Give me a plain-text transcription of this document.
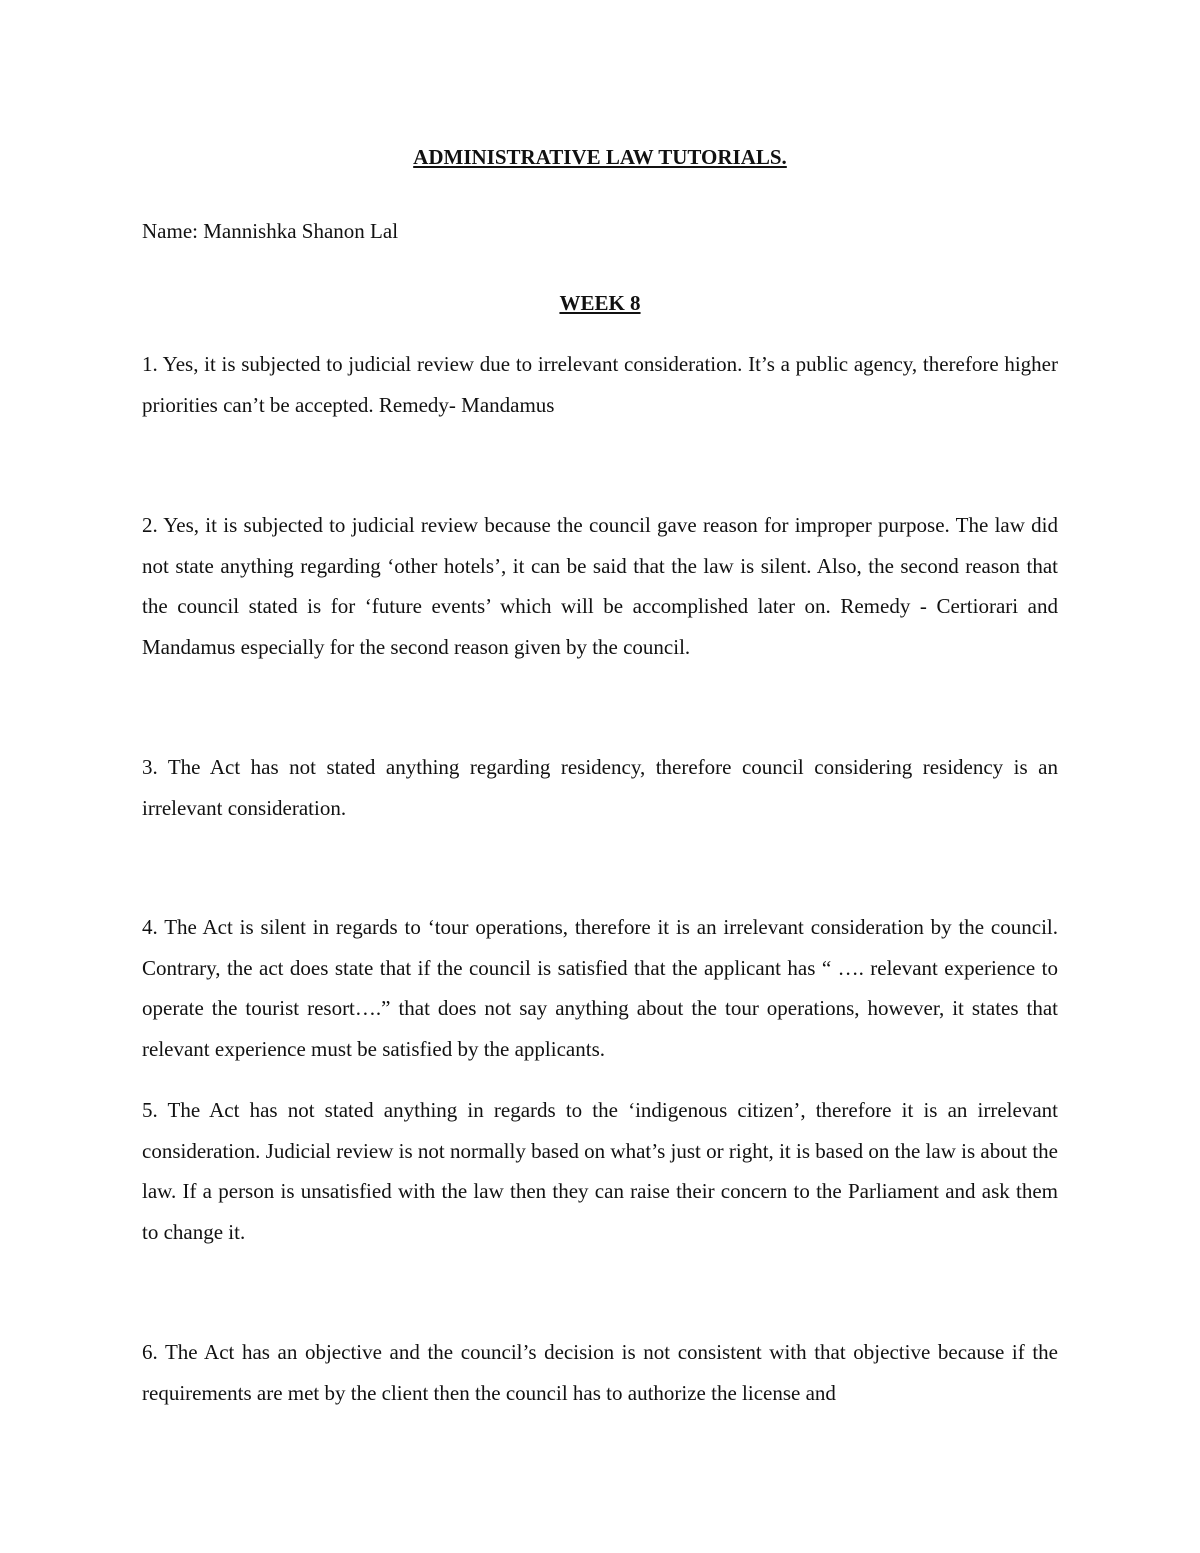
ADMINISTRATIVE LAW TUTORIALS.

Name: Mannishka Shanon Lal

WEEK 8

1. Yes, it is subjected to judicial review due to irrelevant consideration. It’s a public agency, therefore higher priorities can’t be accepted. Remedy- Mandamus

2. Yes, it is subjected to judicial review because the council gave reason for improper purpose. The law did not state anything regarding ‘other hotels’, it can be said that the law is silent. Also, the second reason that the council stated is for ‘future events’ which will be accomplished later on. Remedy - Certiorari and Mandamus especially for the second reason given by the council.

3. The Act has not stated anything regarding residency, therefore council considering residency is an irrelevant consideration.

4. The Act is silent in regards to ‘tour operations, therefore it is an irrelevant consideration by the council. Contrary, the act does state that if the council is satisfied that the applicant has “ …. relevant experience to operate the tourist resort….” that does not say anything about the tour operations, however, it states that relevant experience must be satisfied by the applicants.

5. The Act has not stated anything in regards to the ‘indigenous citizen’, therefore it is an irrelevant consideration. Judicial review is not normally based on what’s just or right, it is based on the law is about the law. If a person is unsatisfied with the law then they can raise their concern to the Parliament and ask them to change it.

6. The Act has an objective and the council’s decision is not consistent with that objective because if the requirements are met by the client then the council has to authorize the license and
